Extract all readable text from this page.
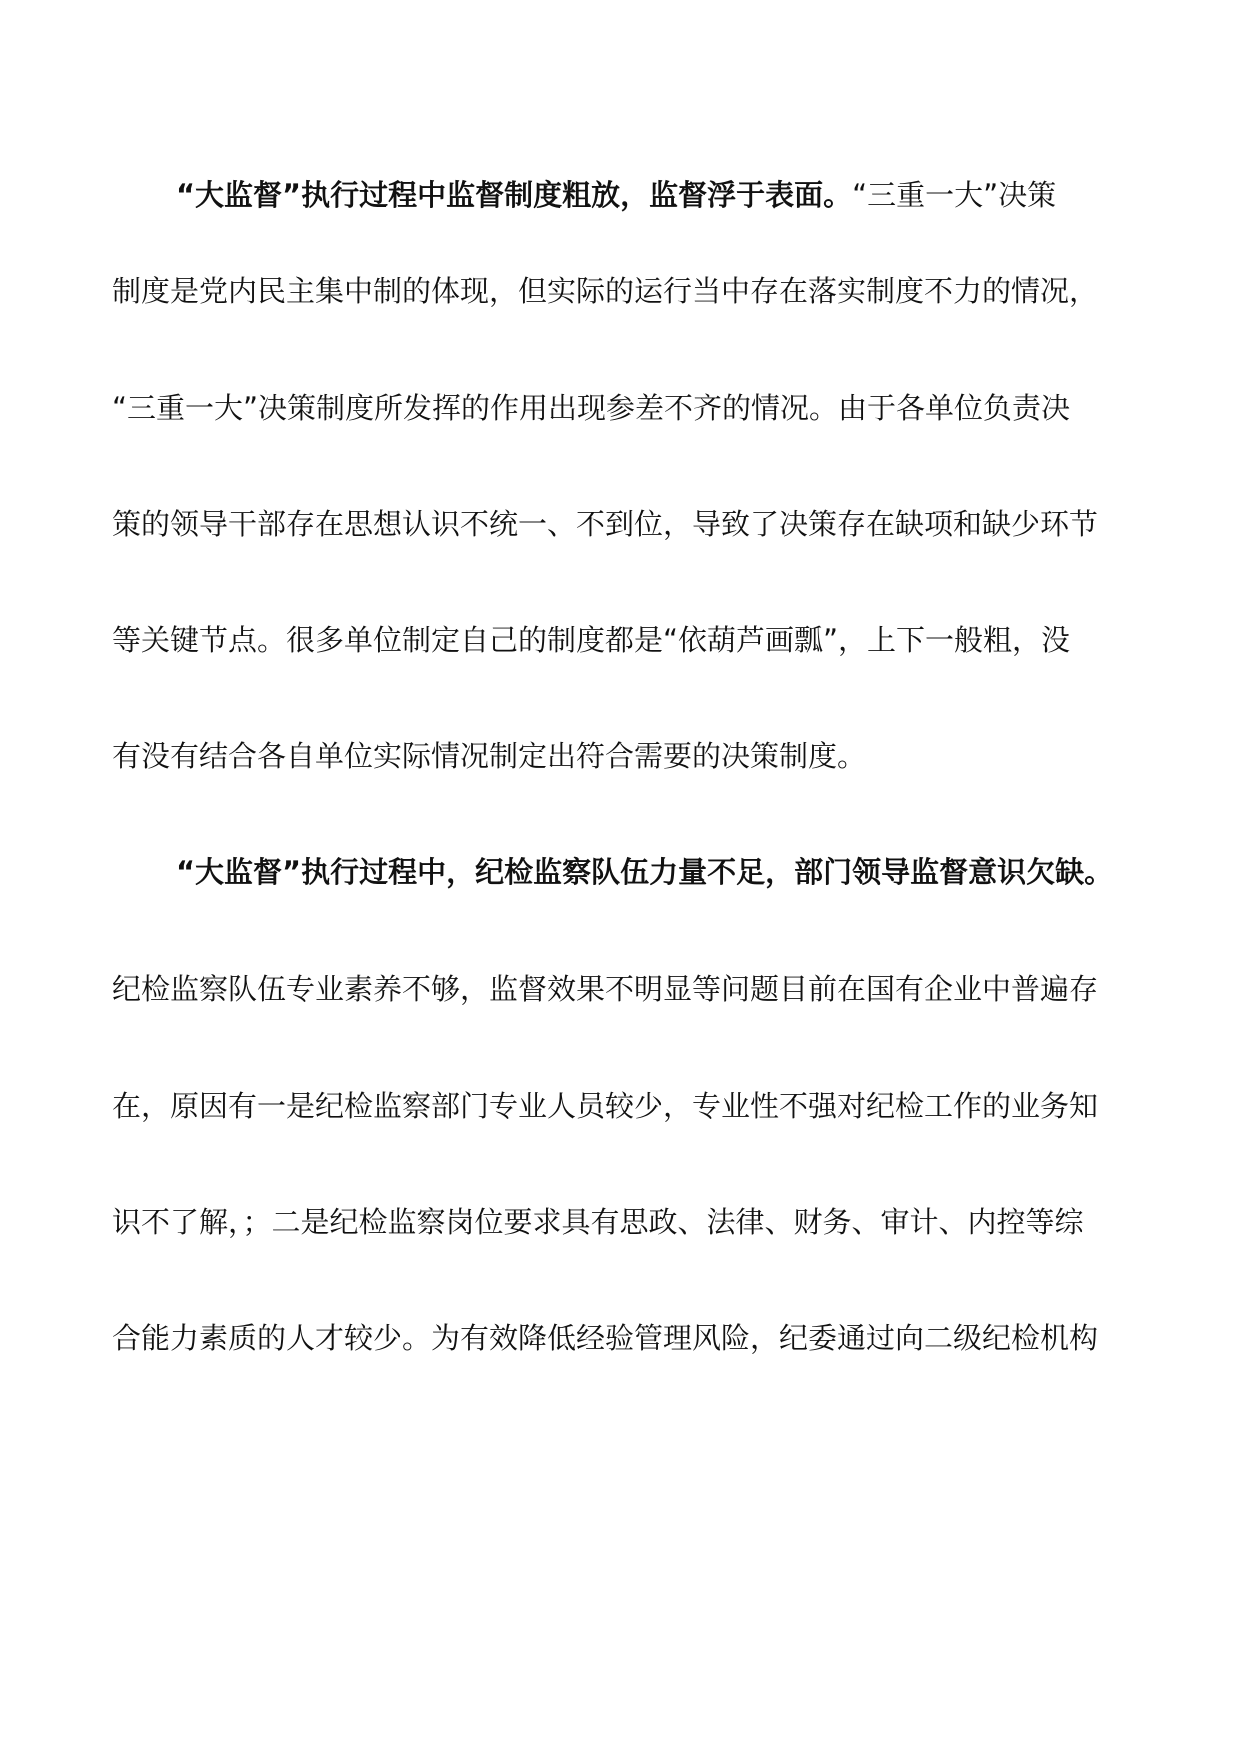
“大监督”执行过程中监督制度粗放，监督浮于表面。“三重一大”决策
制度是党内民主集中制的体现，但实际的运行当中存在落实制度不力的情况，
“三重一大”决策制度所发挥的作用出现参差不齐的情况。由于各单位负责决
策的领导干部存在思想认识不统一、不到位，导致了决策存在缺项和缺少环节
等关键节点。很多单位制定自己的制度都是“依葫芦画瓢”，上下一般粗，没
有没有结合各自单位实际情况制定出符合需要的决策制度。
“大监督”执行过程中，纪检监察队伍力量不足，部门领导监督意识欠缺。
纪检监察队伍专业素养不够，监督效果不明显等问题目前在国有企业中普遍存
在，原因有一是纪检监察部门专业人员较少，专业性不强对纪检工作的业务知
识不了解，；二是纪检监察岗位要求具有思政、法律、财务、审计、内控等综
合能力素质的人才较少。为有效降低经验管理风险，纪委通过向二级纪检机构
